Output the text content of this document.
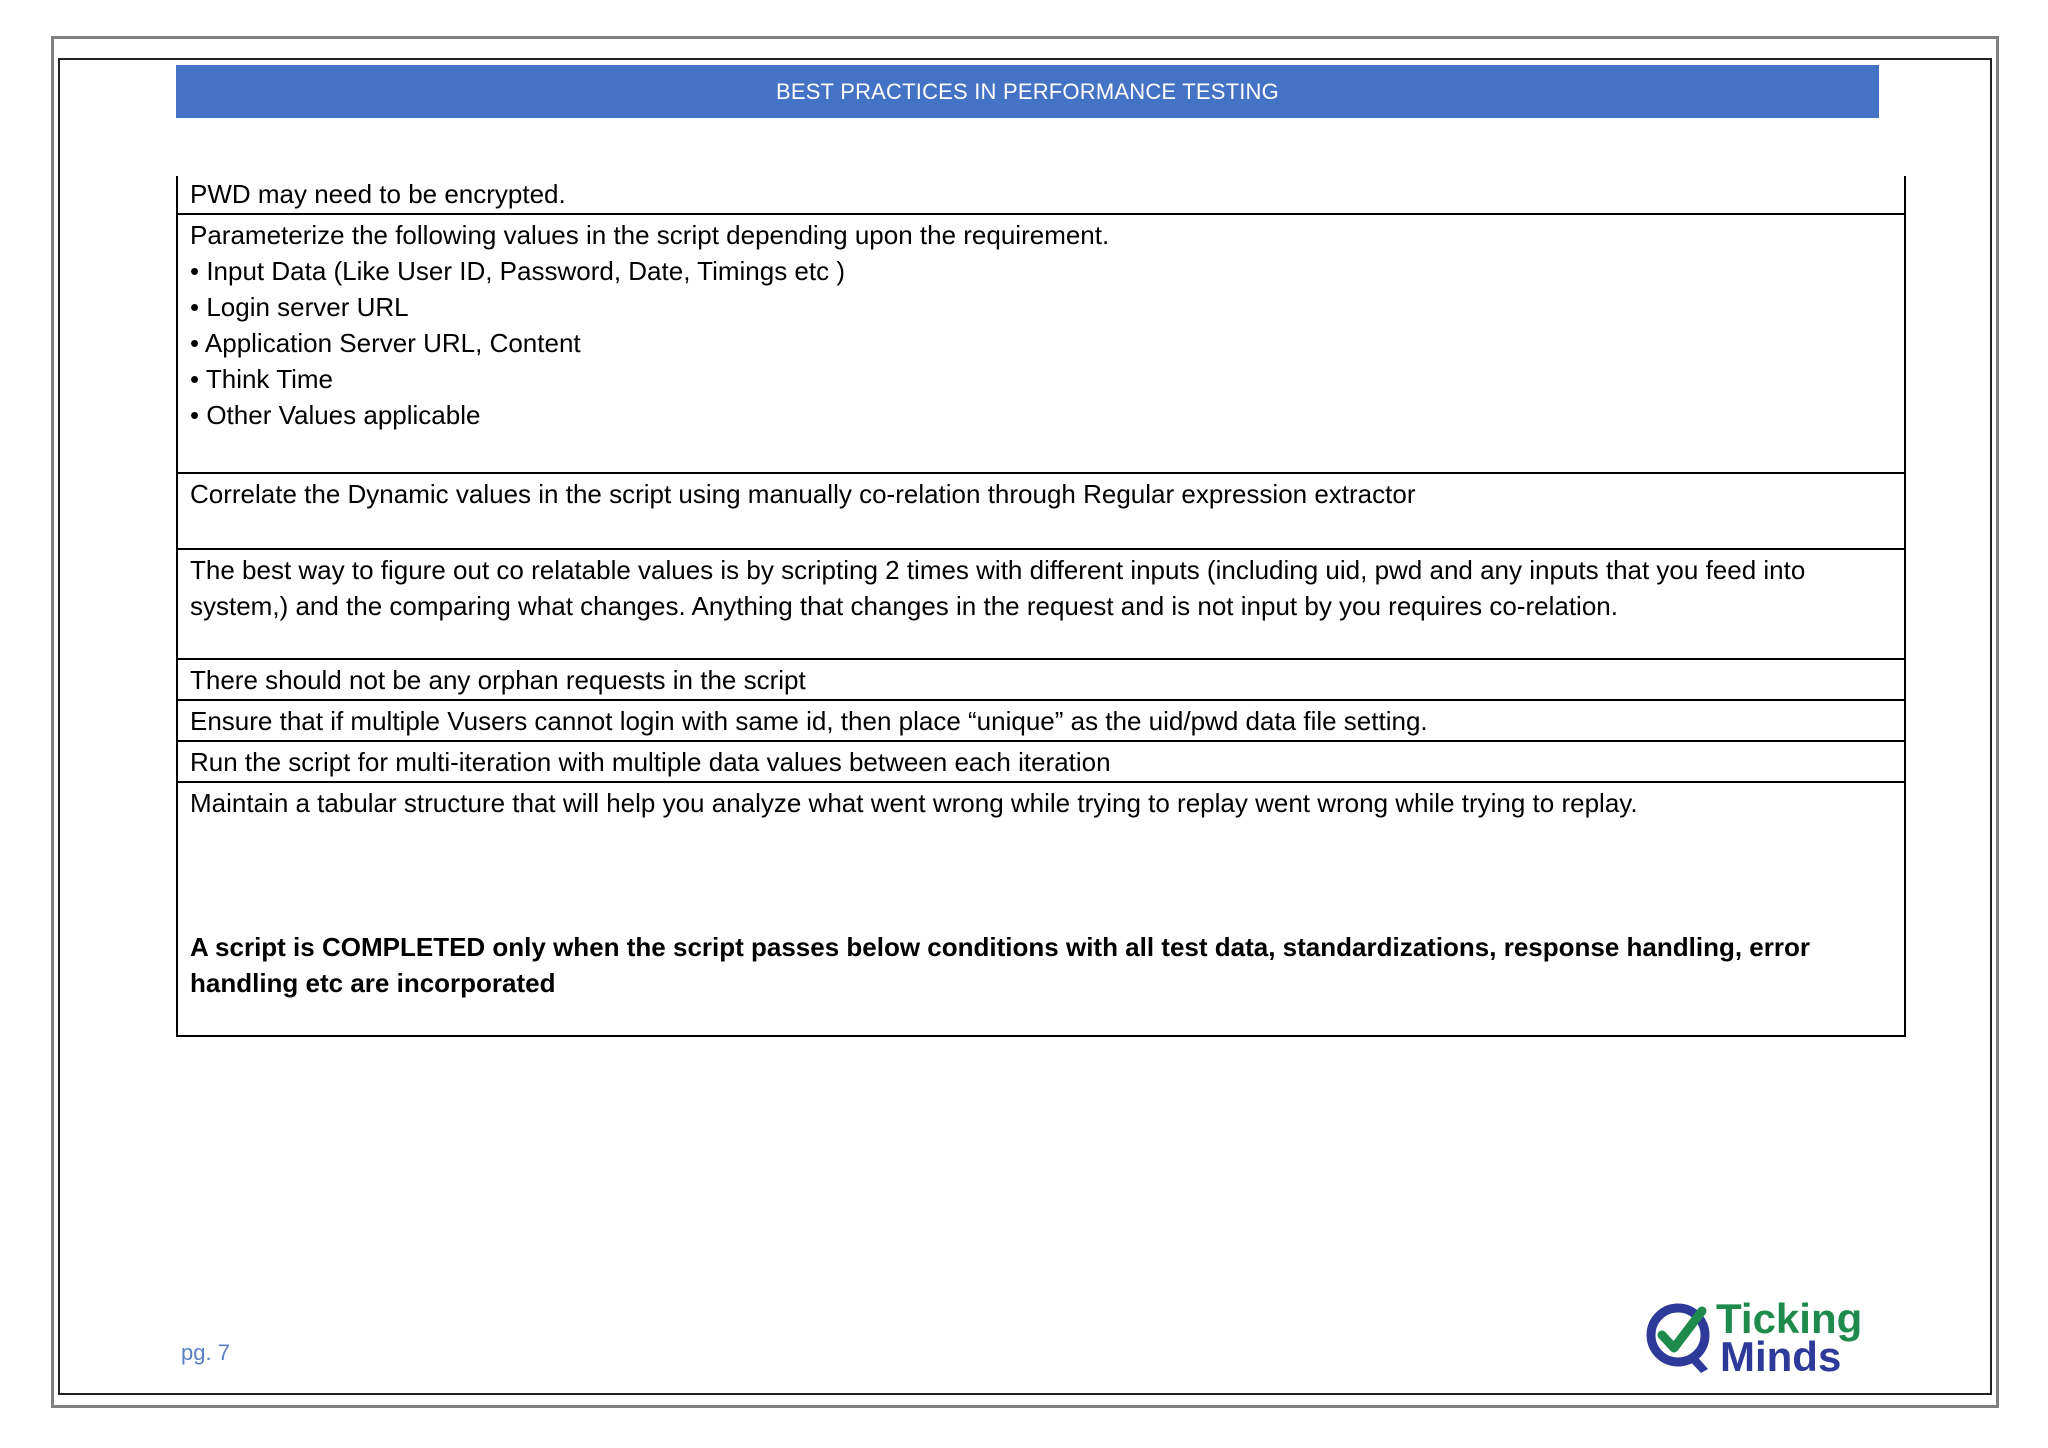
BEST PRACTICES IN PERFORMANCE TESTING

PWD may need to be encrypted.

Parameterize the following values in the script depending upon the requirement.

• Input Data (Like User ID, Password, Date, Timings etc )

• Login server URL

• Application Server URL, Content

• Think Time

• Other Values applicable

Correlate the Dynamic values in the script using manually co-relation through Regular expression extractor

The best way to figure out co relatable values is by scripting 2 times with different inputs (including uid, pwd and any inputs that you feed into system,) and the comparing what changes. Anything that changes in the request and is not input by you requires co-relation.

There should not be any orphan requests in the script

Ensure that if multiple Vusers cannot login with same id, then place “unique” as the uid/pwd data file setting.

Run the script for multi-iteration with multiple data values between each iteration

Maintain a tabular structure that will help you analyze what went wrong while trying to replay went wrong while trying to replay.

A script is COMPLETED only when the script passes below conditions with all test data, standardizations, response handling, error handling etc are incorporated

pg. 7
Ticking
Minds
